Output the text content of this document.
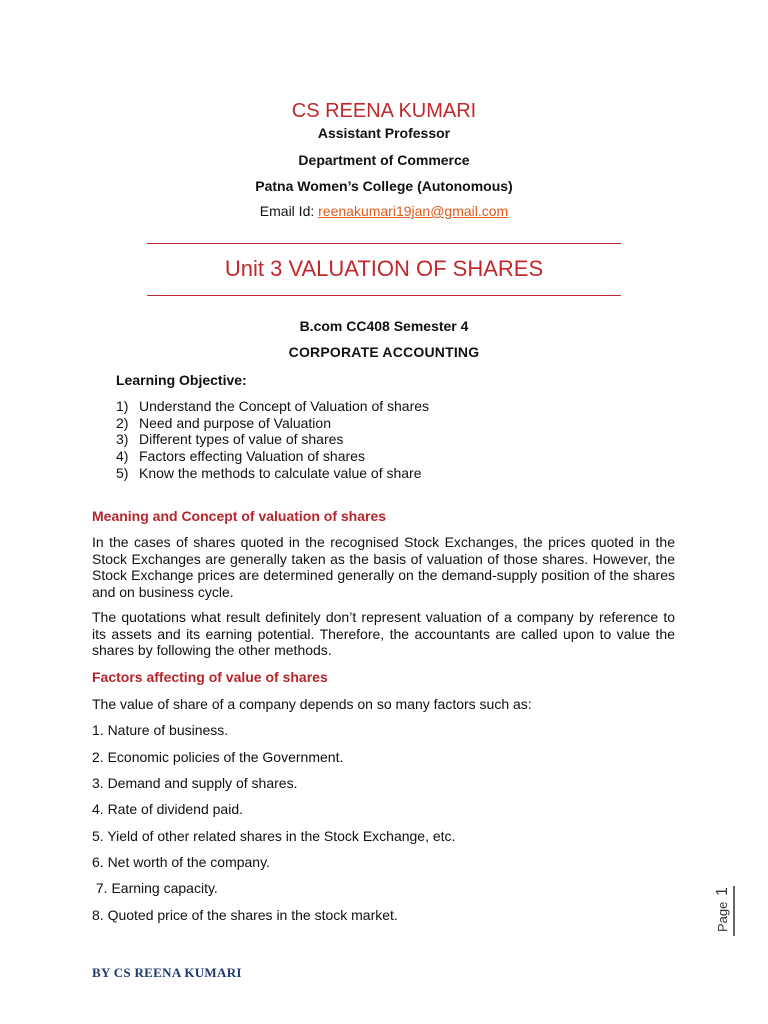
CS REENA KUMARI
Assistant Professor
Department of Commerce
Patna Women’s College (Autonomous)
Email Id: reenakumari19jan@gmail.com
Unit 3 VALUATION OF SHARES
B.com CC408 Semester 4
CORPORATE ACCOUNTING
Learning Objective:
1) Understand the Concept of Valuation of shares
2) Need and purpose of Valuation
3) Different types of value of shares
4) Factors effecting Valuation of shares
5) Know the methods to calculate value of share
Meaning and Concept of valuation of shares

In the cases of shares quoted in the recognised Stock Exchanges, the prices quoted in the Stock Exchanges are generally taken as the basis of valuation of those shares. However, the Stock Exchange prices are determined generally on the demand-supply position of the shares and on business cycle.

The quotations what result definitely don’t represent valuation of a company by reference to its assets and its earning potential. Therefore, the accountants are called upon to value the shares by following the other methods.

Factors affecting of value of shares
The value of share of a company depends on so many factors such as:
1. Nature of business.
2. Economic policies of the Government.
3. Demand and supply of shares.
4. Rate of dividend paid.
5. Yield of other related shares in the Stock Exchange, etc.
6. Net worth of the company.
7. Earning capacity.
8. Quoted price of the shares in the stock market.	Page
1
BY CS REENA KUMARI
